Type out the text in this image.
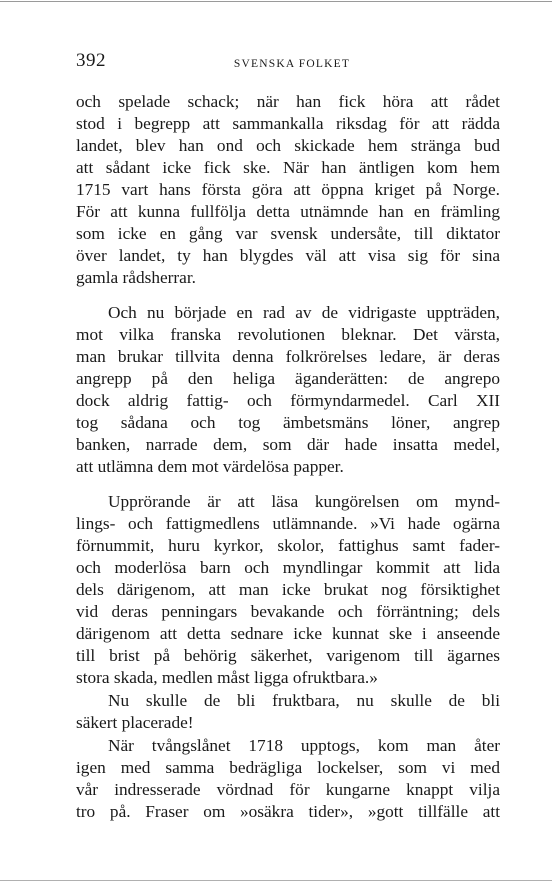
392	SVENSKA FOLKET
och spelade schack; när han fick höra att rådet
stod i begrepp att sammankalla riksdag för att rädda
landet, blev han ond och skickade hem stränga bud
att sådant icke fick ske. När han äntligen kom hem
1715 vart hans första göra att öppna kriget på Norge.
För att kunna fullfölja detta utnämnde han en främling
som icke en gång var svensk undersåte, till diktator
över landet, ty han blygdes väl att visa sig för sina
gamla rådsherrar.
Och nu började en rad av de vidrigaste uppträden,
mot vilka franska revolutionen bleknar. Det värsta,
man brukar tillvita denna folkrörelses ledare, är deras
angrepp på den heliga äganderätten: de angrepo
dock aldrig fattig- och förmyndarmedel. Carl XII
tog sådana och tog ämbetsmäns löner, angrep
banken, narrade dem, som där hade insatta medel,
att utlämna dem mot värdelösa papper.
Upprörande är att läsa kungörelsen om mynd-
lings- och fattigmedlens utlämnande. »Vi hade ogärna
förnummit, huru kyrkor, skolor, fattighus samt fader-
och moderlösa barn och myndlingar kommit att lida
dels därigenom, att man icke brukat nog försiktighet
vid deras penningars bevakande och förräntning; dels
därigenom att detta sednare icke kunnat ske i anseende
till brist på behörig säkerhet, varigenom till ägarnes
stora skada, medlen måst ligga ofruktbara.»
Nu skulle de bli fruktbara, nu skulle de bli
säkert placerade!
När tvångslånet 1718 upptogs, kom man åter
igen med samma bedrägliga lockelser, som vi med
vår indresserade vördnad för kungarne knappt vilja
tro på. Fraser om »osäkra tider», »gott tillfälle att
